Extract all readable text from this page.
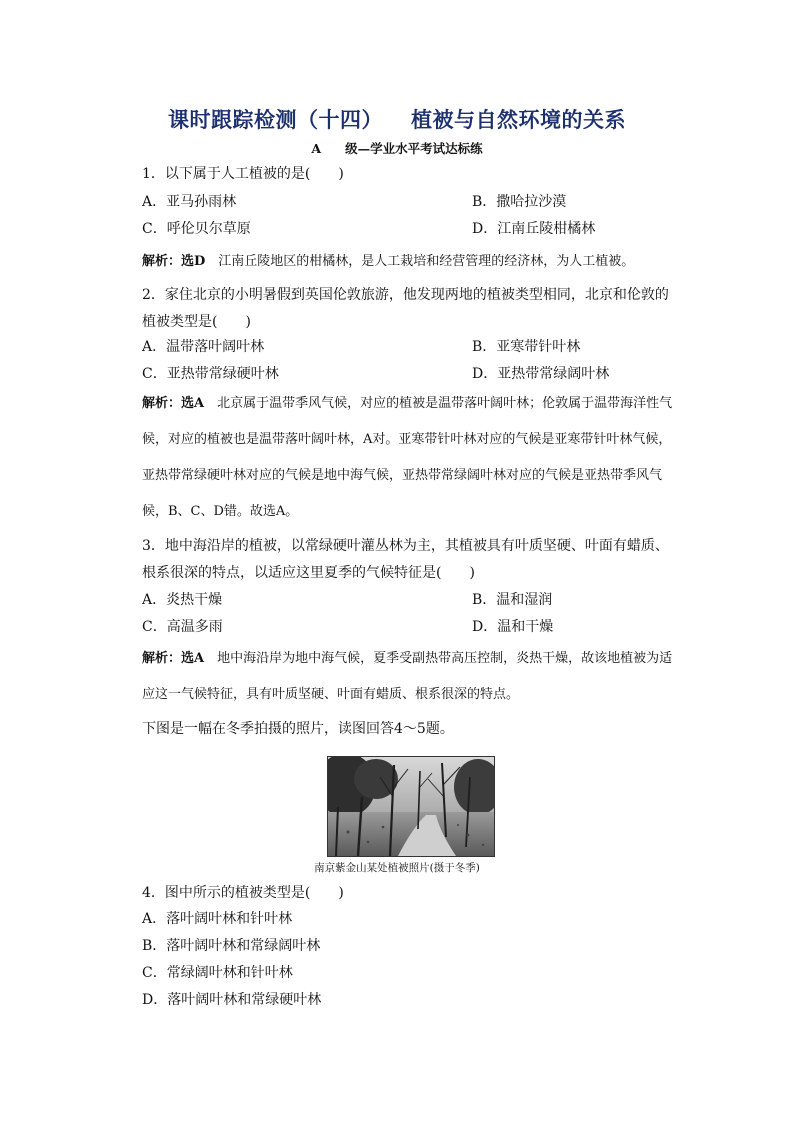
课时跟踪检测（十四） 植被与自然环境的关系
A 级—学业水平考试达标练
1．以下属于人工植被的是(　　)
A．亚马孙雨林	B．撒哈拉沙漠
C．呼伦贝尔草原	D．江南丘陵柑橘林
解析：选D　江南丘陵地区的柑橘林，是人工栽培和经营管理的经济林，为人工植被。
2．家住北京的小明暑假到英国伦敦旅游，他发现两地的植被类型相同，北京和伦敦的植被类型是(　　)
A．温带落叶阔叶林	B．亚寒带针叶林
C．亚热带常绿硬叶林	D．亚热带常绿阔叶林
解析：选A　北京属于温带季风气候，对应的植被是温带落叶阔叶林；伦敦属于温带海洋性气候，对应的植被也是温带落叶阔叶林，A对。亚寒带针叶林对应的气候是亚寒带针叶林气候，亚热带常绿硬叶林对应的气候是地中海气候，亚热带常绿阔叶林对应的气候是亚热带季风气候，B、C、D错。故选A。
3．地中海沿岸的植被，以常绿硬叶灌丛林为主，其植被具有叶质坚硬、叶面有蜡质、根系很深的特点，以适应这里夏季的气候特征是(　　)
A．炎热干燥	B．温和湿润
C．高温多雨	D．温和干燥
解析：选A　地中海沿岸为地中海气候，夏季受副热带高压控制，炎热干燥，故该地植被为适应这一气候特征，具有叶质坚硬、叶面有蜡质、根系很深的特点。
下图是一幅在冬季拍摄的照片，读图回答4～5题。
南京紫金山某处植被照片(摄于冬季)
4．图中所示的植被类型是(　　)
A．落叶阔叶林和针叶林
B．落叶阔叶林和常绿阔叶林
C．常绿阔叶林和针叶林
D．落叶阔叶林和常绿硬叶林
